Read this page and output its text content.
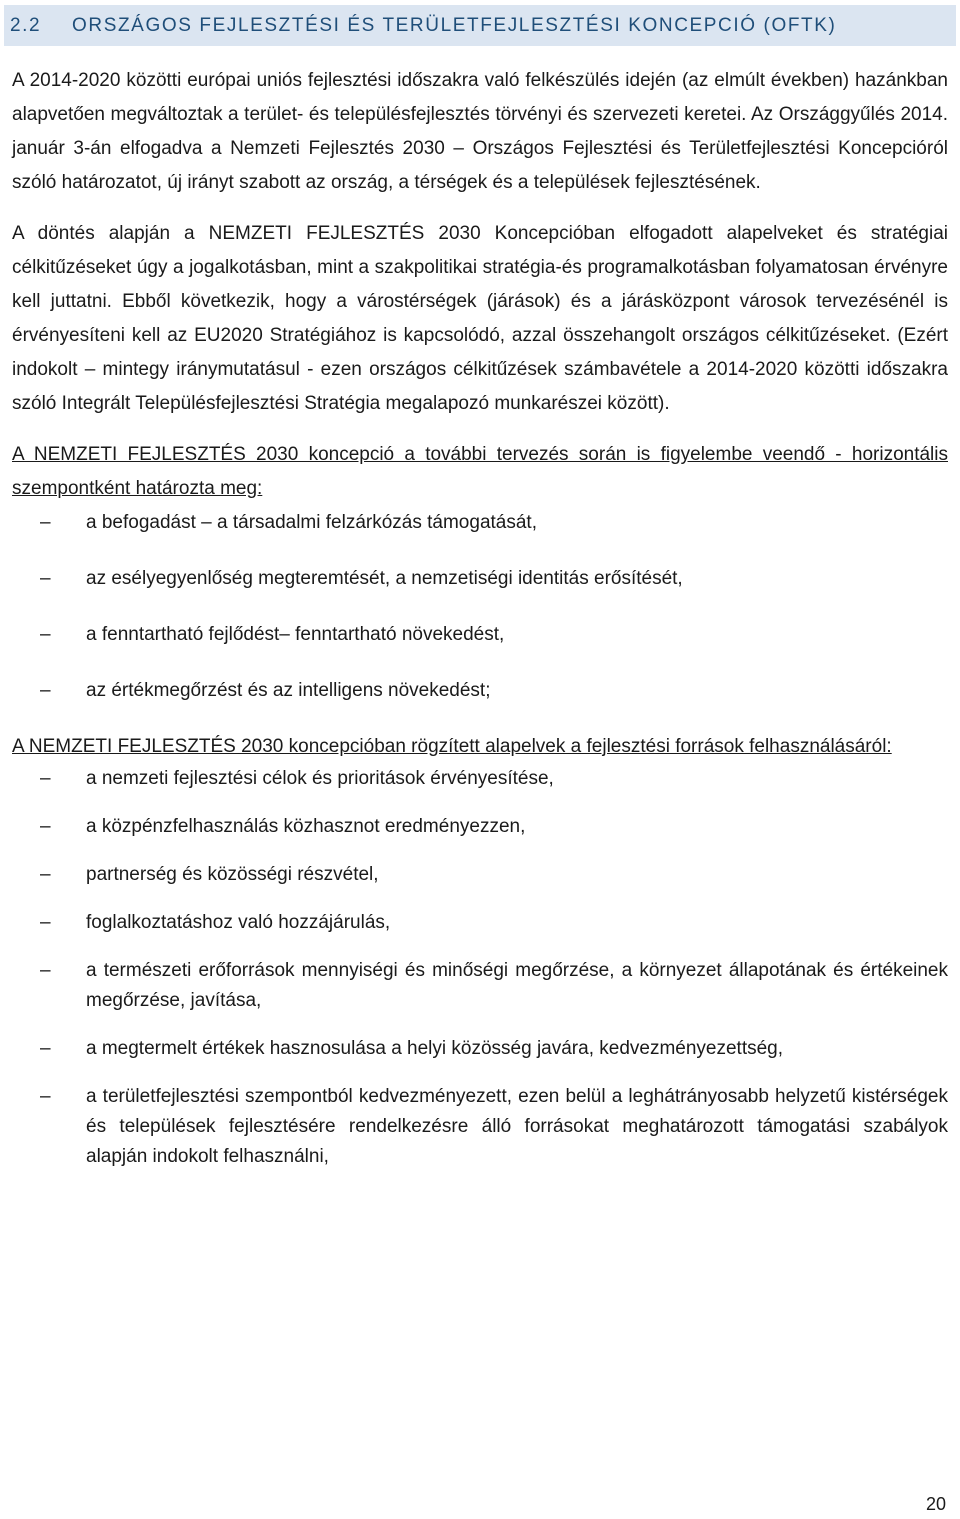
2.2	ORSZÁGOS FEJLESZTÉSI ÉS TERÜLETFEJLESZTÉSI KONCEPCIÓ (OFTK)

A 2014-2020 közötti európai uniós fejlesztési időszakra való felkészülés idején (az elmúlt években) hazánkban alapvetően megváltoztak a terület- és településfejlesztés törvényi és szervezeti keretei. Az Országgyűlés 2014. január 3-án elfogadva a Nemzeti Fejlesztés 2030 – Országos Fejlesztési és Területfejlesztési Koncepcióról szóló határozatot, új irányt szabott az ország, a térségek és a települések fejlesztésének.

A döntés alapján a NEMZETI FEJLESZTÉS 2030 Koncepcióban elfogadott alapelveket és stratégiai célkitűzéseket úgy a jogalkotásban, mint a szakpolitikai stratégia-és programalkotásban folyamatosan érvényre kell juttatni. Ebből következik, hogy a várostérségek (járások) és a járásközpont városok tervezésénél is érvényesíteni kell az EU2020 Stratégiához is kapcsolódó, azzal összehangolt országos célkitűzéseket. (Ezért indokolt – mintegy iránymutatásul - ezen országos célkitűzések számbavétele a 2014-2020 közötti időszakra szóló Integrált Településfejlesztési Stratégia megalapozó munkarészei között).

A NEMZETI FEJLESZTÉS 2030 koncepció a további tervezés során is figyelembe veendő - horizontális szempontként határozta meg:

–	a befogadást – a társadalmi felzárkózás támogatását,
–	az esélyegyenlőség megteremtését, a nemzetiségi identitás erősítését,
–	a fenntartható fejlődést– fenntartható növekedést,
–	az értékmegőrzést és az intelligens növekedést;

A NEMZETI FEJLESZTÉS 2030 koncepcióban rögzített alapelvek a fejlesztési források felhasználásáról:

–	a nemzeti fejlesztési célok és prioritások érvényesítése,
–	a közpénzfelhasználás közhasznot eredményezzen,
–	partnerség és közösségi részvétel,
–	foglalkoztatáshoz való hozzájárulás,
–	a természeti erőforrások mennyiségi és minőségi megőrzése, a környezet állapotának és értékeinek megőrzése, javítása,
–	a megtermelt értékek hasznosulása a helyi közösség javára, kedvezményezettség,
–	a területfejlesztési szempontból kedvezményezett, ezen belül a leghátrányosabb helyzetű kistérségek és települések fejlesztésére rendelkezésre álló forrásokat meghatározott támogatási szabályok alapján indokolt felhasználni,
20
